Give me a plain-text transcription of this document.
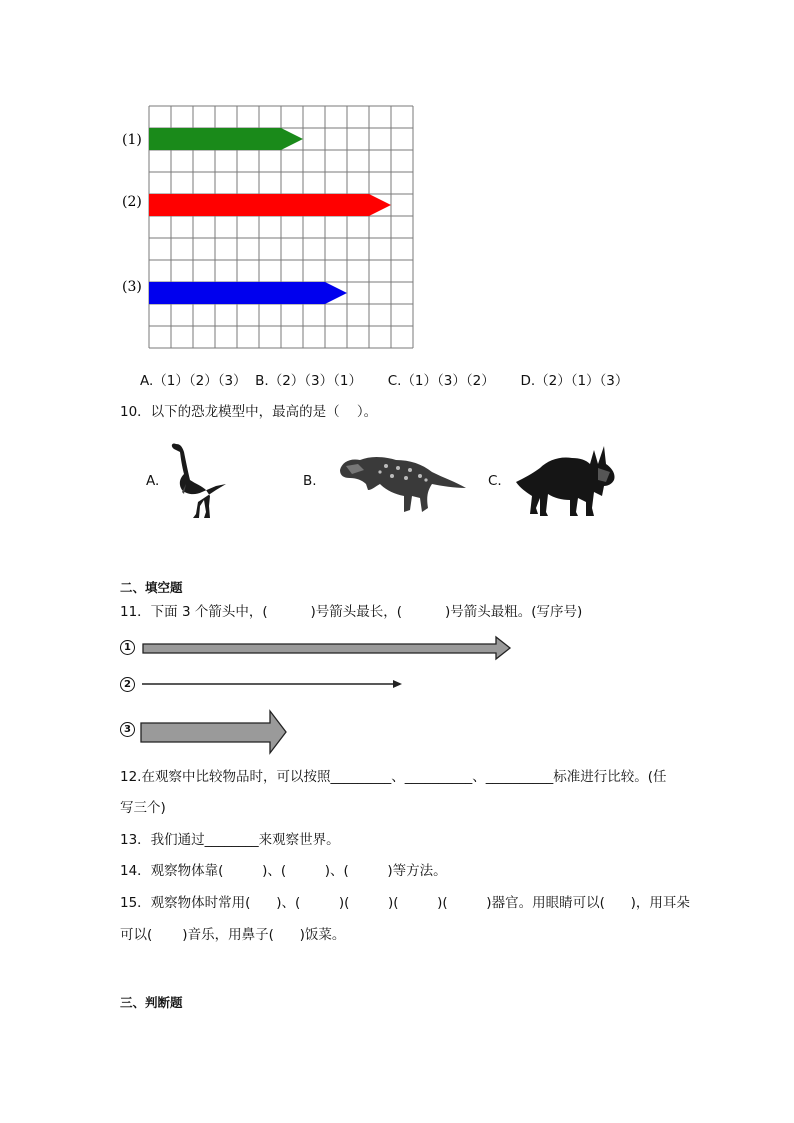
(1)
(2)
(3)
A.（1）（2）（3）  B.（2）（3）（1）      C.（1）（3）（2）      D.（2）（1）（3）
10．以下的恐龙模型中，最高的是（    ）。
A.	B.	C.
二、填空题
11．下面 3 个箭头中，(          )号箭头最长，(          )号箭头最粗。(写序号)
1
2
3
12.在观察中比较物品时，可以按照_________、__________、__________标准进行比较。(任
写三个)
13．我们通过________来观察世界。
14．观察物体靠(         )、(         )、(         )等方法。
15．观察物体时常用(      )、(         )(         )(         )(         )器官。用眼睛可以(      )，用耳朵
可以(       )音乐，用鼻子(      )饭菜。
三、判断题
